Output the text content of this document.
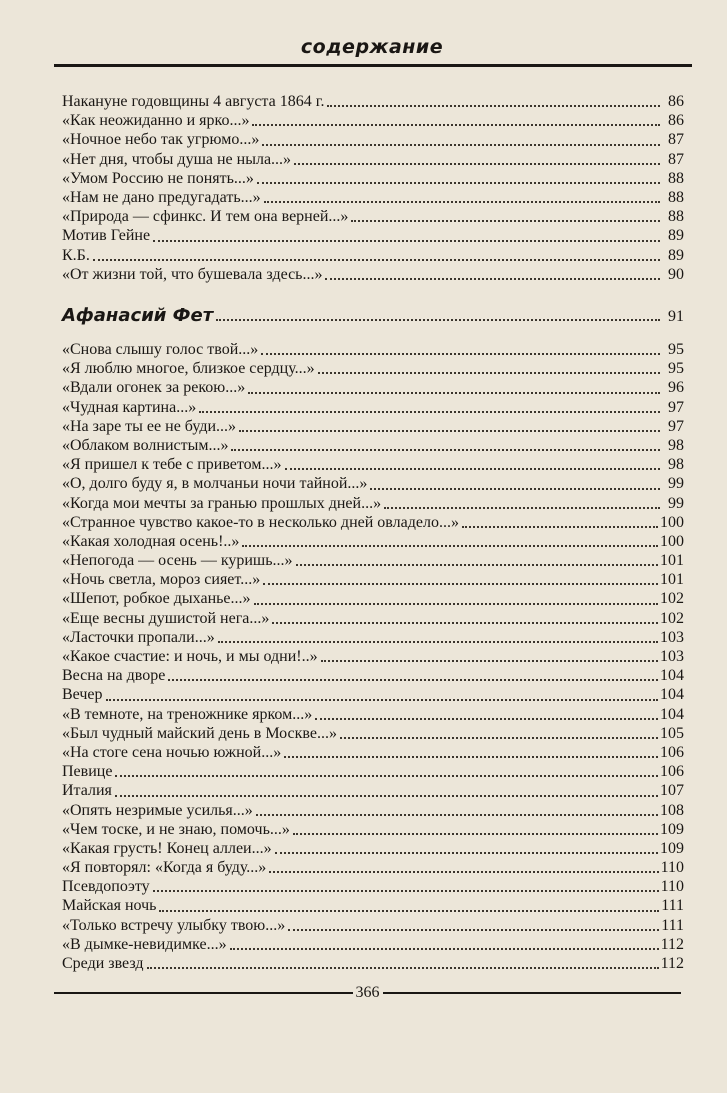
содержание
Накануне годовщины 4 августа 1864 г.	86
«Как неожиданно и ярко...»	86
«Ночное небо так угрюмо...»	87
«Нет дня, чтобы душа не ныла...»	87
«Умом Россию не понять...»	88
«Нам не дано предугадать...»	88
«Природа — сфинкс. И тем она верней...»	88
Мотив Гейне	89
К.Б.	89
«От жизни той, что бушевала здесь...»	90
Афанасий Фет	91
«Снова слышу голос твой...»	95
«Я люблю многое, близкое сердцу...»	95
«Вдали огонек за рекою...»	96
«Чудная картина...»	97
«На заре ты ее не буди...»	97
«Облаком волнистым...»	98
«Я пришел к тебе с приветом...»	98
«О, долго буду я, в молчаньи ночи тайной...»	99
«Когда мои мечты за гранью прошлых дней...»	99
«Странное чувство какое-то в несколько дней овладело...»	100
«Какая холодная осень!..»	100
«Непогода — осень — куришь...»	101
«Ночь светла, мороз сияет...»	101
«Шепот, робкое дыханье...»	102
«Еще весны душистой нега...»	102
«Ласточки пропали...»	103
«Какое счастие: и ночь, и мы одни!..»	103
Весна на дворе	104
Вечер	104
«В темноте, на треножнике ярком...»	104
«Был чудный майский день в Москве...»	105
«На стоге сена ночью южной...»	106
Певице	106
Италия	107
«Опять незримые усилья...»	108
«Чем тоске, и не знаю, помочь...»	109
«Какая грусть! Конец аллеи...»	109
«Я повторял: «Когда я буду...»	110
Псевдопоэту	110
Майская ночь	111
«Только встречу улыбку твою...»	111
«В дымке-невидимке...»	112
Среди звезд	112
366
